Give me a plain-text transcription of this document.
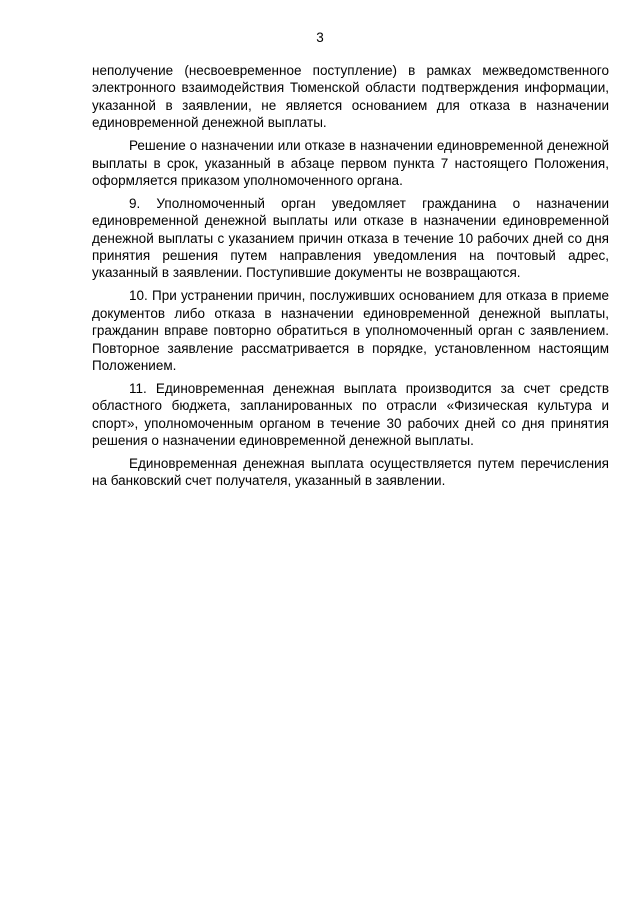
3

неполучение (несвоевременное поступление) в рамках межведомственного электронного взаимодействия Тюменской области подтверждения информации, указанной в заявлении, не является основанием для отказа в назначении единовременной денежной выплаты.

Решение о назначении или отказе в назначении единовременной денежной выплаты в срок, указанный в абзаце первом пункта 7 настоящего Положения, оформляется приказом уполномоченного органа.

9. Уполномоченный орган уведомляет гражданина о назначении единовременной денежной выплаты или отказе в назначении единовременной денежной выплаты с указанием причин отказа в течение 10 рабочих дней со дня принятия решения путем направления уведомления на почтовый адрес, указанный в заявлении. Поступившие документы не возвращаются.

10. При устранении причин, послуживших основанием для отказа в приеме документов либо отказа в назначении единовременной денежной выплаты, гражданин вправе повторно обратиться в уполномоченный орган с заявлением. Повторное заявление рассматривается в порядке, установленном настоящим Положением.

11. Единовременная денежная выплата производится за счет средств областного бюджета, запланированных по отрасли «Физическая культура и спорт», уполномоченным органом в течение 30 рабочих дней со дня принятия решения о назначении единовременной денежной выплаты.

Единовременная денежная выплата осуществляется путем перечисления на банковский счет получателя, указанный в заявлении.
